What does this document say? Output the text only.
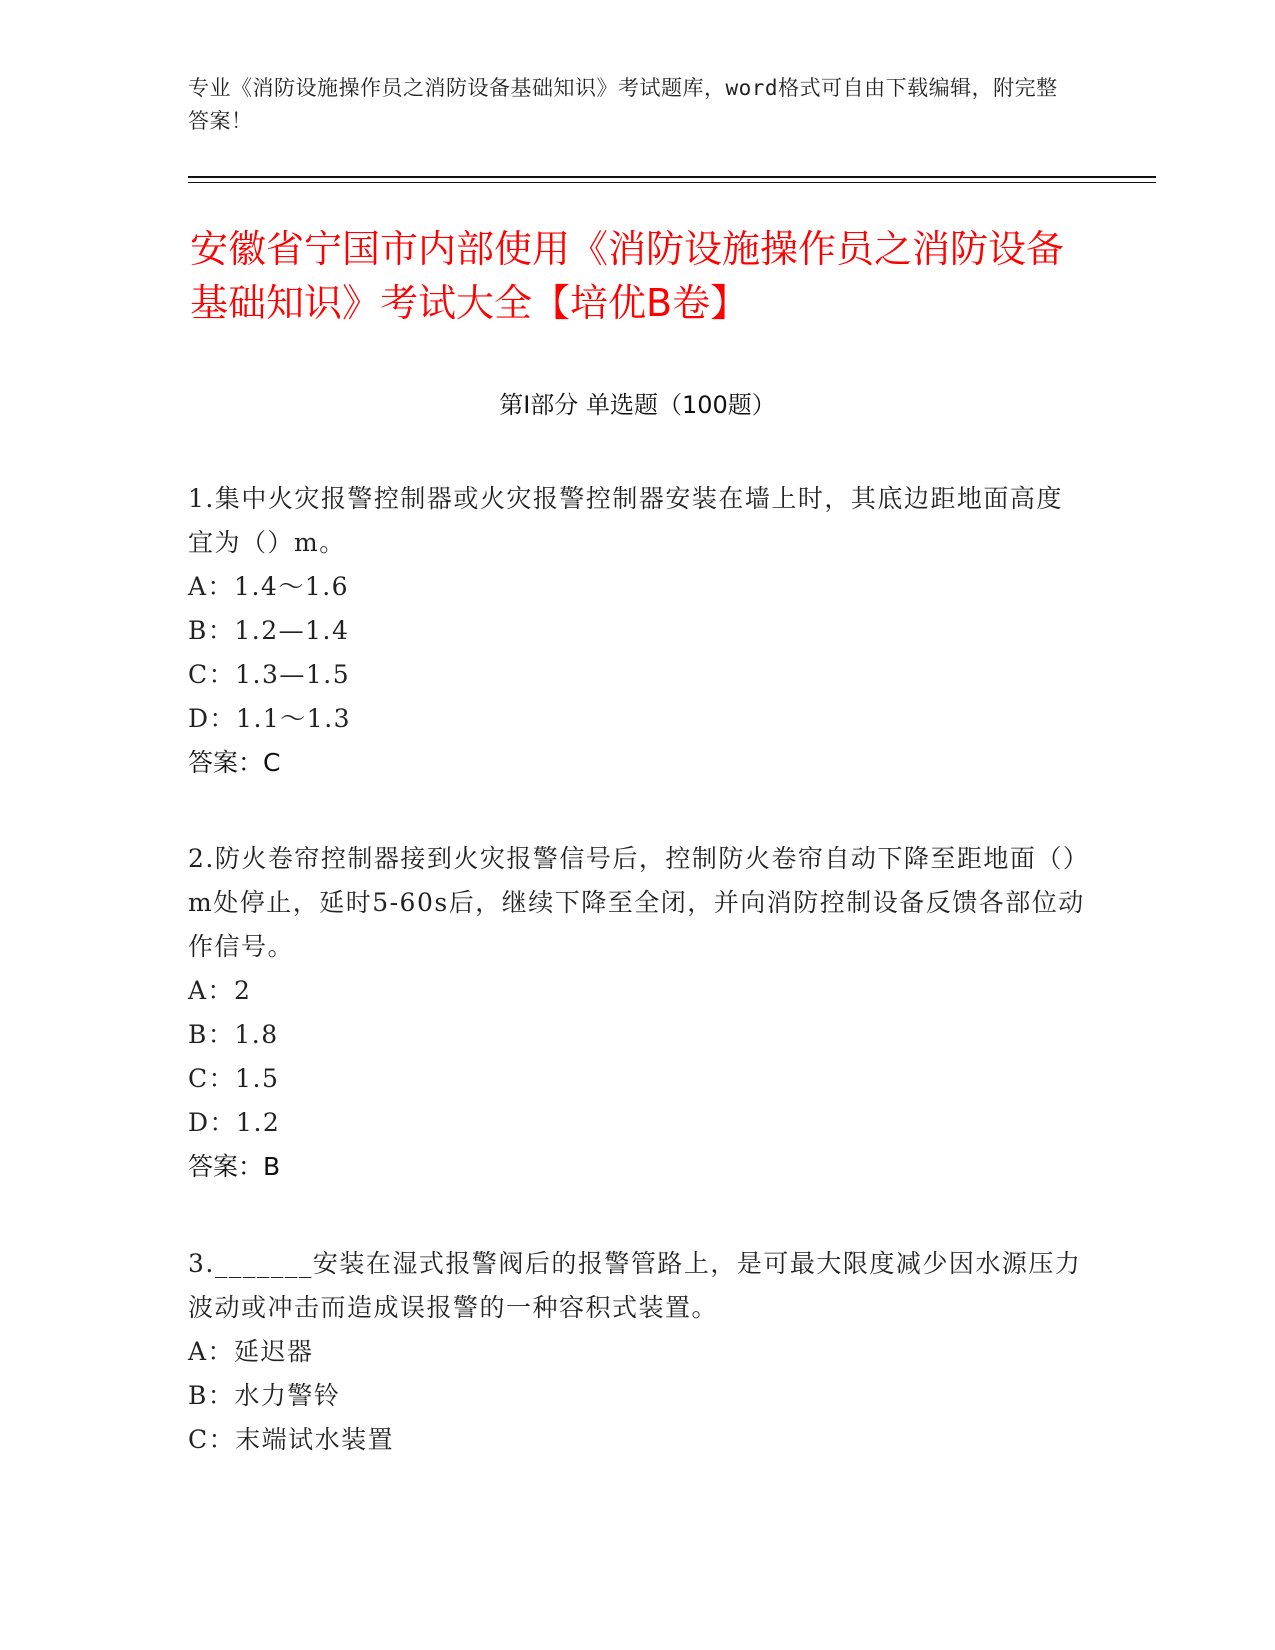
专业《消防设施操作员之消防设备基础知识》考试题库，word格式可自由下载编辑，附完整答案！
安徽省宁国市内部使用《消防设施操作员之消防设备基础知识》考试大全【培优B卷】
第I部分 单选题（100题）

1.集中火灾报警控制器或火灾报警控制器安装在墙上时，其底边距地面高度宜为（）m。

A：1.4～1.6

B：1.2—1.4

C：1.3—1.5

D：1.1～1.3

答案：C

2.防火卷帘控制器接到火灾报警信号后，控制防火卷帘自动下降至距地面（）m处停止，延时5-60s后，继续下降至全闭，并向消防控制设备反馈各部位动作信号。

A：2

B：1.8

C：1.5

D：1.2

答案：B

3._______安装在湿式报警阀后的报警管路上，是可最大限度减少因水源压力波动或冲击而造成误报警的一种容积式装置。

A：延迟器

B：水力警铃

C：末端试水装置
